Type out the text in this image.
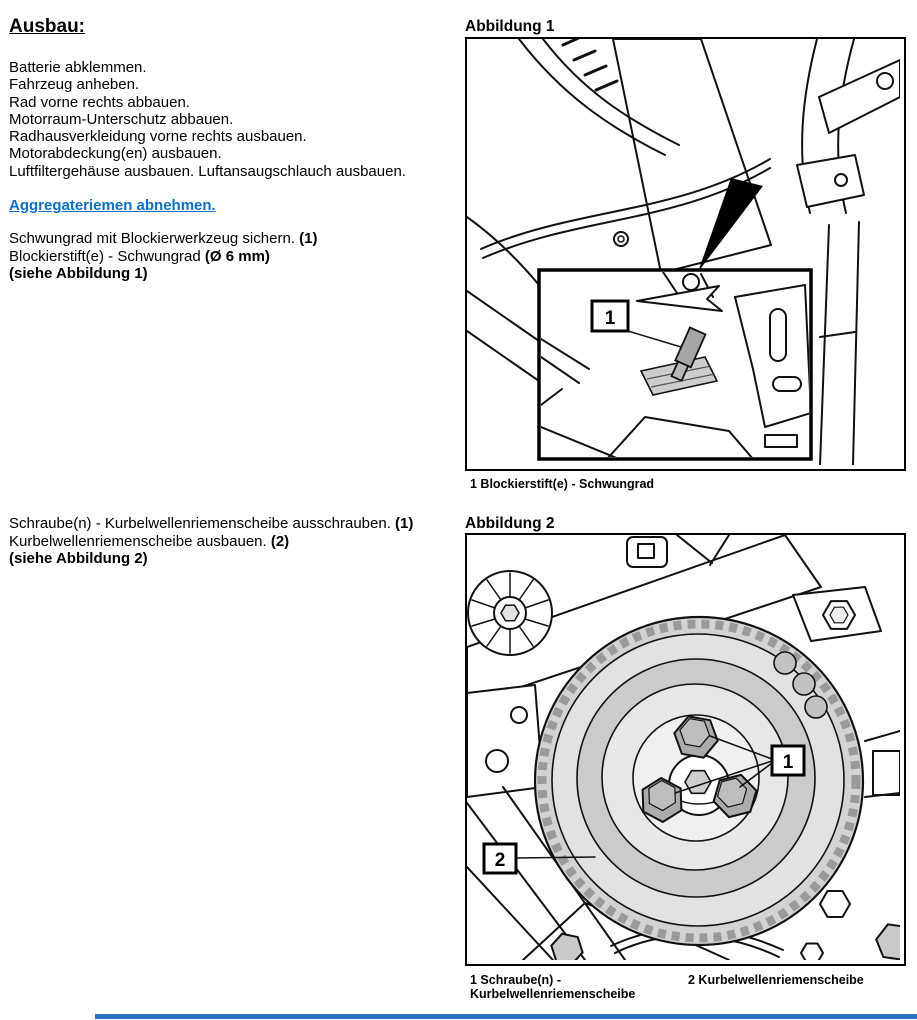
Ausbau:
Batterie abklemmen.
Fahrzeug anheben.
Rad vorne rechts abbauen.
Motorraum-Unterschutz abbauen.
Radhausverkleidung vorne rechts ausbauen.
Motorabdeckung(en) ausbauen.
Luftfiltergehäuse ausbauen. Luftansaugschlauch ausbauen.
Aggregateriemen abnehmen.
Schwungrad mit Blockierwerkzeug sichern. (1)
Blockierstift(e) - Schwungrad (Ø 6 mm)
(siehe Abbildung 1)
Schraube(n) - Kurbelwellenriemenscheibe ausschrauben. (1)
Kurbelwellenriemenscheibe ausbauen. (2)
(siehe Abbildung 2)
Abbildung 1
1
1 Blockierstift(e) - Schwungrad
Abbildung 2
1
2
1 Schraube(n) - Kurbelwellenriemenscheibe
2 Kurbelwellenriemenscheibe
